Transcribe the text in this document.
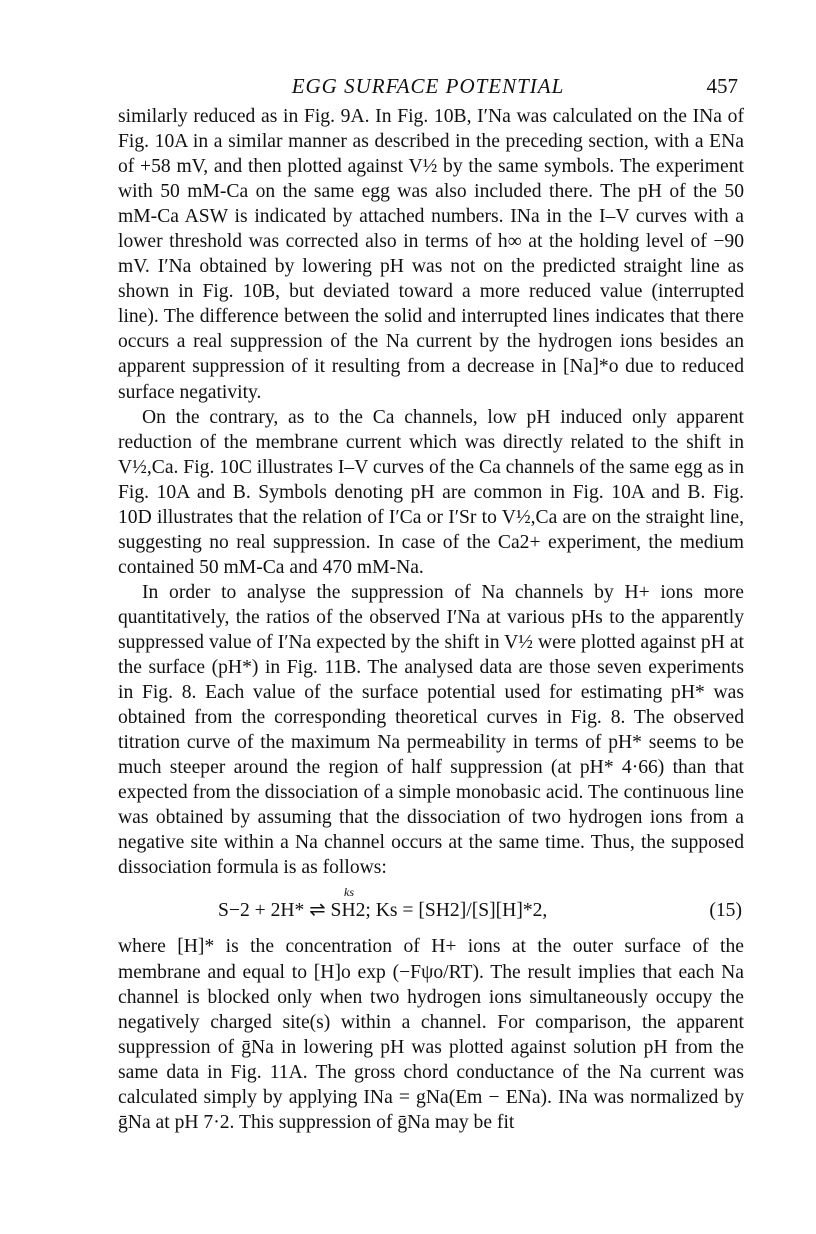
EGG SURFACE POTENTIAL	457

similarly reduced as in Fig. 9A. In Fig. 10B, I′Na was calculated on the INa of Fig. 10A in a similar manner as described in the preceding section, with a ENa of +58 mV, and then plotted against V½ by the same symbols. The experiment with 50 mM-Ca on the same egg was also included there. The pH of the 50 mM-Ca ASW is indicated by attached numbers. INa in the I–V curves with a lower threshold was corrected also in terms of h∞ at the holding level of −90 mV. I′Na obtained by lowering pH was not on the predicted straight line as shown in Fig. 10B, but deviated toward a more reduced value (interrupted line). The difference between the solid and interrupted lines indicates that there occurs a real suppression of the Na current by the hydrogen ions besides an apparent suppression of it resulting from a decrease in [Na]*o due to reduced surface negativity.

On the contrary, as to the Ca channels, low pH induced only apparent reduction of the membrane current which was directly related to the shift in V½,Ca. Fig. 10C illustrates I–V curves of the Ca channels of the same egg as in Fig. 10A and B. Symbols denoting pH are common in Fig. 10A and B. Fig. 10D illustrates that the relation of I′Ca or I′Sr to V½,Ca are on the straight line, suggesting no real suppression. In case of the Ca2+ experiment, the medium contained 50 mM-Ca and 470 mM-Na.

In order to analyse the suppression of Na channels by H+ ions more quantitatively, the ratios of the observed I′Na at various pHs to the apparently suppressed value of I′Na expected by the shift in V½ were plotted against pH at the surface (pH*) in Fig. 11B. The analysed data are those seven experiments in Fig. 8. Each value of the surface potential used for estimating pH* was obtained from the corresponding theoretical curves in Fig. 8. The observed titration curve of the maximum Na permeability in terms of pH* seems to be much steeper around the region of half suppression (at pH* 4·66) than that expected from the dissociation of a simple monobasic acid. The continuous line was obtained by assuming that the dissociation of two hydrogen ions from a negative site within a Na channel occurs at the same time. Thus, the supposed dissociation formula is as follows:

ks
S−2 + 2H* ⇌ SH2; Ks = [SH2]/[S][H]*2,	(15)

where [H]* is the concentration of H+ ions at the outer surface of the membrane and equal to [H]o exp (−Fψo/RT). The result implies that each Na channel is blocked only when two hydrogen ions simultaneously occupy the negatively charged site(s) within a channel. For comparison, the apparent suppression of ḡNa in lowering pH was plotted against solution pH from the same data in Fig. 11A. The gross chord conductance of the Na current was calculated simply by applying INa = gNa(Em − ENa). INa was normalized by ḡNa at pH 7·2. This suppression of ḡNa may be fit
